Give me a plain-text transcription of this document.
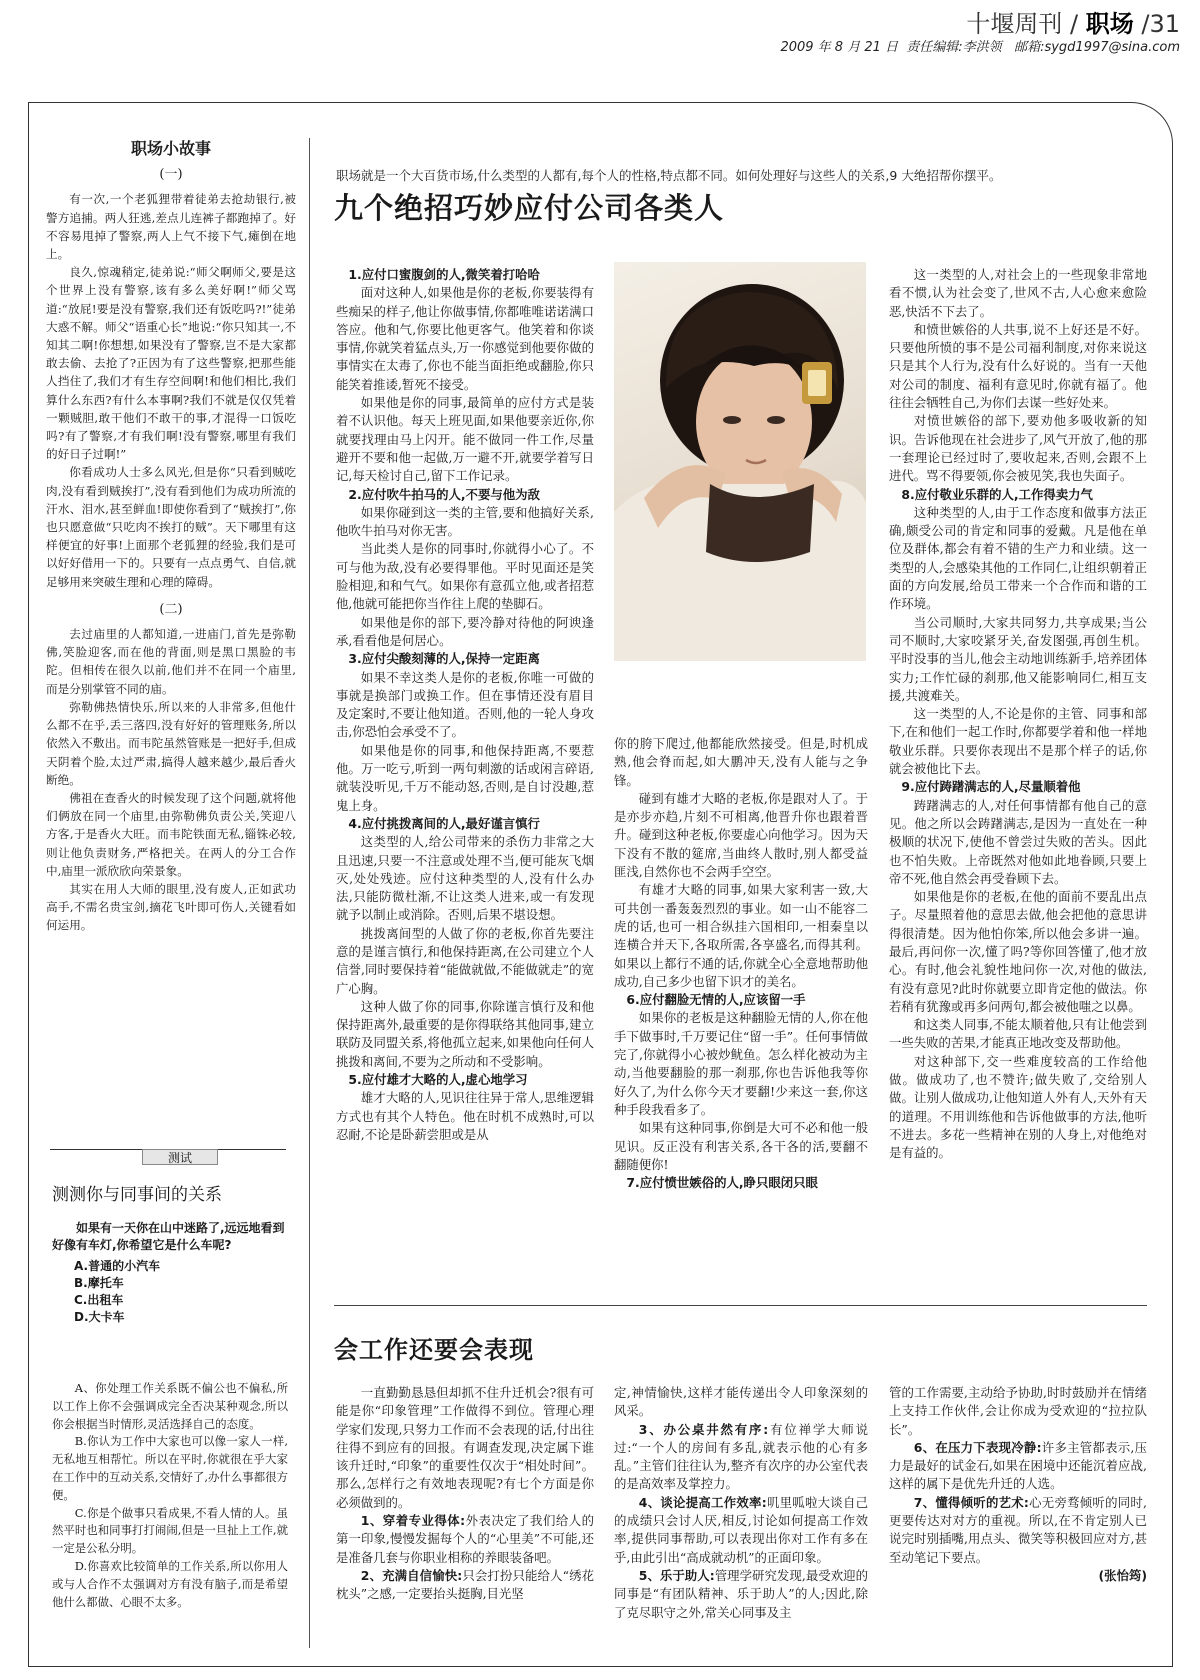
十堰周刊 / 职场 /31
2009 年 8 月 21 日 责任编辑:李洪领 邮箱:sygd1997@sina.com
职场小故事
(一)

有一次,一个老狐狸带着徒弟去抢劫银行,被警方追捕。两人狂逃,差点儿连裤子都跑掉了。好不容易甩掉了警察,两人上气不接下气,瘫倒在地上。

良久,惊魂稍定,徒弟说:“师父啊师父,要是这个世界上没有警察,该有多么美好啊!”师父骂道:“放屁!要是没有警察,我们还有饭吃吗?!”徒弟大惑不解。师父“语重心长”地说:“你只知其一,不知其二啊!你想想,如果没有了警察,岂不是大家都敢去偷、去抢了?正因为有了这些警察,把那些能人挡住了,我们才有生存空间啊!和他们相比,我们算什么东西?有什么本事啊?我们不就是仅仅凭着一颗贼胆,敢干他们不敢干的事,才混得一口饭吃吗?有了警察,才有我们啊!没有警察,哪里有我们的好日子过啊!”

你看成功人士多么风光,但是你“只看到贼吃肉,没有看到贼挨打”,没有看到他们为成功所流的汗水、泪水,甚至鲜血!即使你看到了“贼挨打”,你也只愿意做“只吃肉不挨打的贼”。天下哪里有这样便宜的好事!上面那个老狐狸的经验,我们是可以好好借用一下的。只要有一点点勇气、自信,就足够用来突破生理和心理的障碍。

(二)

去过庙里的人都知道,一进庙门,首先是弥勒佛,笑脸迎客,而在他的背面,则是黑口黑脸的韦陀。但相传在很久以前,他们并不在同一个庙里,而是分别掌管不同的庙。

弥勒佛热情快乐,所以来的人非常多,但他什么都不在乎,丢三落四,没有好好的管理账务,所以依然入不敷出。而韦陀虽然管账是一把好手,但成天阴着个脸,太过严肃,搞得人越来越少,最后香火断绝。

佛祖在查香火的时候发现了这个问题,就将他们俩放在同一个庙里,由弥勒佛负责公关,笑迎八方客,于是香火大旺。而韦陀铁面无私,锱铢必较,则让他负责财务,严格把关。在两人的分工合作中,庙里一派欣欣向荣景象。

其实在用人大师的眼里,没有废人,正如武功高手,不需名贵宝剑,摘花飞叶即可伤人,关键看如何运用。

测试
测测你与同事间的关系

如果有一天你在山中迷路了,远远地看到好像有车灯,你希望它是什么车呢?

A.普通的小汽车

B.摩托车

C.出租车

D.大卡车

A、你处理工作关系既不偏公也不偏私,所以工作上你不会强调成完全否决某种观念,所以你会根据当时情形,灵活选择自己的态度。

B.你认为工作中大家也可以像一家人一样,无私地互相帮忙。所以在平时,你就很在乎大家在工作中的互动关系,交情好了,办什么事都很方便。

C.你是个做事只看成果,不看人情的人。虽然平时也和同事打打闹闹,但是一旦扯上工作,就一定是公私分明。

D.你喜欢比较简单的工作关系,所以你用人或与人合作不太强调对方有没有脑子,而是希望他什么都做、心眼不太多。

职场就是一个大百货市场,什么类型的人都有,每个人的性格,特点都不同。如何处理好与这些人的关系,9 大绝招帮你摆平。
九个绝招巧妙应付公司各类人
1.应付口蜜腹剑的人,微笑着打哈哈

面对这种人,如果他是你的老板,你要装得有些痴呆的样子,他让你做事情,你都唯唯诺诺满口答应。他和气,你要比他更客气。他笑着和你谈事情,你就笑着猛点头,万一你感觉到他要你做的事情实在太毒了,你也不能当面拒绝或翻脸,你只能笑着推诿,暂死不接受。

如果他是你的同事,最简单的应付方式是装着不认识他。每天上班见面,如果他要亲近你,你就要找理由马上闪开。能不做同一件工作,尽量避开不要和他一起做,万一避不开,就要学着写日记,每天检讨自己,留下工作记录。

2.应付吹牛拍马的人,不要与他为敌

如果你碰到这一类的主管,要和他搞好关系,他吹牛拍马对你无害。

当此类人是你的同事时,你就得小心了。不可与他为敌,没有必要得罪他。平时见面还是笑脸相迎,和和气气。如果你有意孤立他,或者招惹他,他就可能把你当作往上爬的垫脚石。

如果他是你的部下,要冷静对待他的阿谀逢承,看看他是何居心。

3.应付尖酸刻薄的人,保持一定距离

如果不幸这类人是你的老板,你唯一可做的事就是换部门或换工作。但在事情还没有眉目及定案时,不要让他知道。否则,他的一轮人身攻击,你恐怕会承受不了。

如果他是你的同事,和他保持距离,不要惹他。万一吃亏,听到一两句刺激的话或闲言碎语,就装没听见,千万不能动怒,否则,是自讨没趣,惹鬼上身。

4.应付挑拨离间的人,最好谨言慎行

这类型的人,给公司带来的杀伤力非常之大且迅速,只要一不注意或处理不当,便可能灰飞烟灭,处处残迹。应付这种类型的人,没有什么办法,只能防微杜渐,不让这类人进来,或一有发现就予以制止或消除。否则,后果不堪设想。

挑拨离间型的人做了你的老板,你首先要注意的是谨言慎行,和他保持距离,在公司建立个人信誉,同时要保持着“能做就做,不能做就走”的宽广心胸。

这种人做了你的同事,你除谨言慎行及和他保持距离外,最重要的是你得联络其他同事,建立联防及同盟关系,将他孤立起来,如果他向任何人挑拨和离间,不要为之所动和不受影响。

5.应付雄才大略的人,虚心地学习

雄才大略的人,见识往往异于常人,思维逻辑方式也有其个人特色。他在时机不成熟时,可以忍耐,不论是卧薪尝胆或是从

你的胯下爬过,他都能欣然接受。但是,时机成熟,他会脊而起,如大鹏冲天,没有人能与之争锋。

碰到有雄才大略的老板,你是跟对人了。于是亦步亦趋,片刻不可相离,他晋升你也跟着晋升。碰到这种老板,你要虚心向他学习。因为天下没有不散的筵席,当曲终人散时,别人都受益匪浅,自然你也不会两手空空。

有雄才大略的同事,如果大家利害一致,大可共创一番轰轰烈烈的事业。如一山不能容二虎的话,也可一相合纵挂六国相印,一相秦皇以连横合并天下,各取所需,各享盛名,而得其利。如果以上都行不通的话,你就全心全意地帮助他成功,自己多少也留下识才的美名。

6.应付翻脸无情的人,应该留一手

如果你的老板是这种翻脸无情的人,你在他手下做事时,千万要记住“留一手”。任何事情做完了,你就得小心被炒鱿鱼。怎么样化被动为主动,当他要翻脸的那一刹那,你也告诉他我等你好久了,为什么你今天才要翻!少来这一套,你这种手段我看多了。

如果有这种同事,你倒是大可不必和他一般见识。反正没有利害关系,各干各的活,要翻不翻随便你!

7.应付愤世嫉俗的人,睁只眼闭只眼

这一类型的人,对社会上的一些现象非常地看不惯,认为社会变了,世风不古,人心愈来愈险恶,快活不下去了。

和愤世嫉俗的人共事,说不上好还是不好。只要他所愤的事不是公司福利制度,对你来说这只是其个人行为,没有什么好说的。当有一天他对公司的制度、福利有意见时,你就有福了。他往往会牺牲自己,为你们去谋一些好处来。

对愤世嫉俗的部下,要劝他多吸收新的知识。告诉他现在社会进步了,风气开放了,他的那一套理论已经过时了,要收起来,否则,会跟不上进代。骂不得要领,你会被见笑,我也失面子。

8.应付敬业乐群的人,工作得卖力气

这种类型的人,由于工作态度和做事方法正确,颇受公司的肯定和同事的爱戴。凡是他在单位及群体,都会有着不错的生产力和业绩。这一类型的人,会感染其他的工作同仁,让组织朝着正面的方向发展,给员工带来一个合作而和谐的工作环境。

当公司顺时,大家共同努力,共享成果;当公司不顺时,大家咬紧牙关,奋发图强,再创生机。平时没事的当儿,他会主动地训练新手,培养团体实力;工作忙碌的刹那,他又能影响同仁,相互支援,共渡难关。

这一类型的人,不论是你的主管、同事和部下,在和他们一起工作时,你都要学着和他一样地敬业乐群。只要你表现出不是那个样子的话,你就会被他比下去。

9.应付踌躇满志的人,尽量顺着他

踌躇满志的人,对任何事情都有他自己的意见。他之所以会踌躇满志,是因为一直处在一种极顺的状况下,使他不曾尝过失败的苦头。因此也不怕失败。上帝既然对他如此地眷顾,只要上帝不死,他自然会再受眷顾下去。

如果他是你的老板,在他的面前不要乱出点子。尽量照着他的意思去做,他会把他的意思讲得很清楚。因为他怕你笨,所以他会多讲一遍。最后,再问你一次,懂了吗?等你回答懂了,他才放心。有时,他会礼貌性地问你一次,对他的做法,有没有意见?此时你就要立即肯定他的做法。你若稍有犹豫或再多问两句,都会被他嗤之以鼻。

和这类人同事,不能太顺着他,只有让他尝到一些失败的苦果,才能真正地改变及帮助他。

对这种部下,交一些难度较高的工作给他做。做成功了,也不赞许;做失败了,交给别人做。让别人做成功,让他知道人外有人,天外有天的道理。不用训练他和告诉他做事的方法,他听不进去。多花一些精神在别的人身上,对他绝对是有益的。

会工作还要会表现

一直勤勤恳恳但却抓不住升迁机会?很有可能是你“印象管理”工作做得不到位。管理心理学家们发现,只努力工作而不会表现的话,付出往往得不到应有的回报。有调查发现,决定属下谁该升迁时,“印象”的重要性仅次于“相处时间”。那么,怎样行之有效地表现呢?有七个方面是你必须做到的。

1、穿着专业得体:外表决定了我们给人的第一印象,慢慢发掘每个人的“心里美”不可能,还是准备几套与你职业相称的养眼装备吧。

2、充满自信愉快:只会打扮只能给人“绣花枕头”之感,一定要抬头挺胸,目光坚

定,神情愉快,这样才能传递出令人印象深刻的风采。

3、办公桌井然有序:有位禅学大师说过:“一个人的房间有多乱,就表示他的心有多乱。”主管们往往认为,整齐有次序的办公室代表的是高效率及掌控力。

4、谈论提高工作效率:叽里呱啦大谈自己的成绩只会讨人厌,相反,讨论如何提高工作效率,提供同事帮助,可以表现出你对工作有多在乎,由此引出“高成就动机”的正面印象。

5、乐于助人:管理学研究发现,最受欢迎的同事是“有团队精神、乐于助人”的人;因此,除了克尽职守之外,常关心同事及主

管的工作需要,主动给予协助,时时鼓励并在情绪上支持工作伙伴,会让你成为受欢迎的“拉拉队长”。

6、在压力下表现冷静:许多主管都表示,压力是最好的试金石,如果在困境中还能沉着应战,这样的属下是优先升迁的人选。

7、懂得倾听的艺术:心无旁骛倾听的同时,更要传达对对方的重视。所以,在不肯定别人已说完时别插嘴,用点头、微笑等积极回应对方,甚至动笔记下要点。

(张怡筠)
